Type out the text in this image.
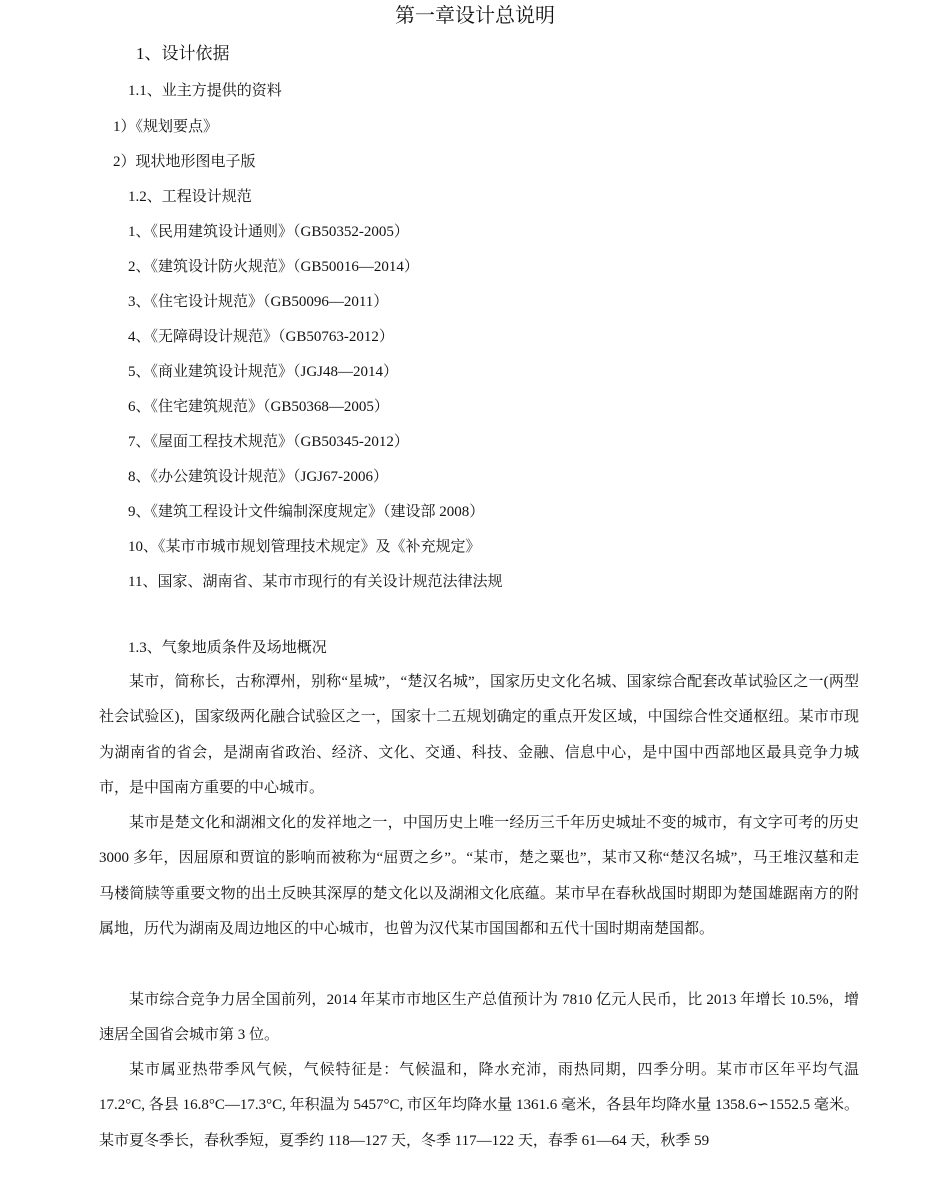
第一章设计总说明
1、设计依据
1.1、业主方提供的资料
1）《规划要点》
2）现状地形图电子版
1.2、工程设计规范
1、《民用建筑设计通则》（GB50352-2005）
2、《建筑设计防火规范》（GB50016—2014）
3、《住宅设计规范》（GB50096—2011）
4、《无障碍设计规范》（GB50763-2012）
5、《商业建筑设计规范》（JGJ48—2014）
6、《住宅建筑规范》（GB50368—2005）
7、《屋面工程技术规范》（GB50345-2012）
8、《办公建筑设计规范》（JGJ67-2006）
9、《建筑工程设计文件编制深度规定》（建设部 2008）
10、《某市市城市规划管理技术规定》及《补充规定》
11、国家、湖南省、某市市现行的有关设计规范法律法规
1.3、气象地质条件及场地概况

某市，简称长，古称潭州，别称“星城”，“楚汉名城”，国家历史文化名城、国家综合配套改革试验区之一(两型社会试验区)，国家级两化融合试验区之一，国家十二五规划确定的重点开发区域，中国综合性交通枢纽。某市市现为湖南省的省会，是湖南省政治、经济、文化、交通、科技、金融、信息中心，是中国中西部地区最具竞争力城市，是中国南方重要的中心城市。

某市是楚文化和湖湘文化的发祥地之一，中国历史上唯一经历三千年历史城址不变的城市，有文字可考的历史 3000 多年，因屈原和贾谊的影响而被称为“屈贾之乡”。“某市，楚之粟也”，某市又称“楚汉名城”，马王堆汉墓和走马楼简牍等重要文物的出土反映其深厚的楚文化以及湖湘文化底蕴。某市早在春秋战国时期即为楚国雄踞南方的附属地，历代为湖南及周边地区的中心城市，也曾为汉代某市国国都和五代十国时期南楚国都。

某市综合竞争力居全国前列，2014 年某市市地区生产总值预计为 7810 亿元人民币，比 2013 年增长 10.5%，增速居全国省会城市第 3 位。

某市属亚热带季风气候，气候特征是：气候温和，降水充沛，雨热同期，四季分明。某市市区年平均气温 17.2°C, 各县 16.8°C—17.3°C, 年积温为 5457°C, 市区年均降水量 1361.6 毫米，各县年均降水量 1358.6∽1552.5 毫米。某市夏冬季长，春秋季短，夏季约 118—127 天，冬季 117—122 天，春季 61—64 天，秋季 59
